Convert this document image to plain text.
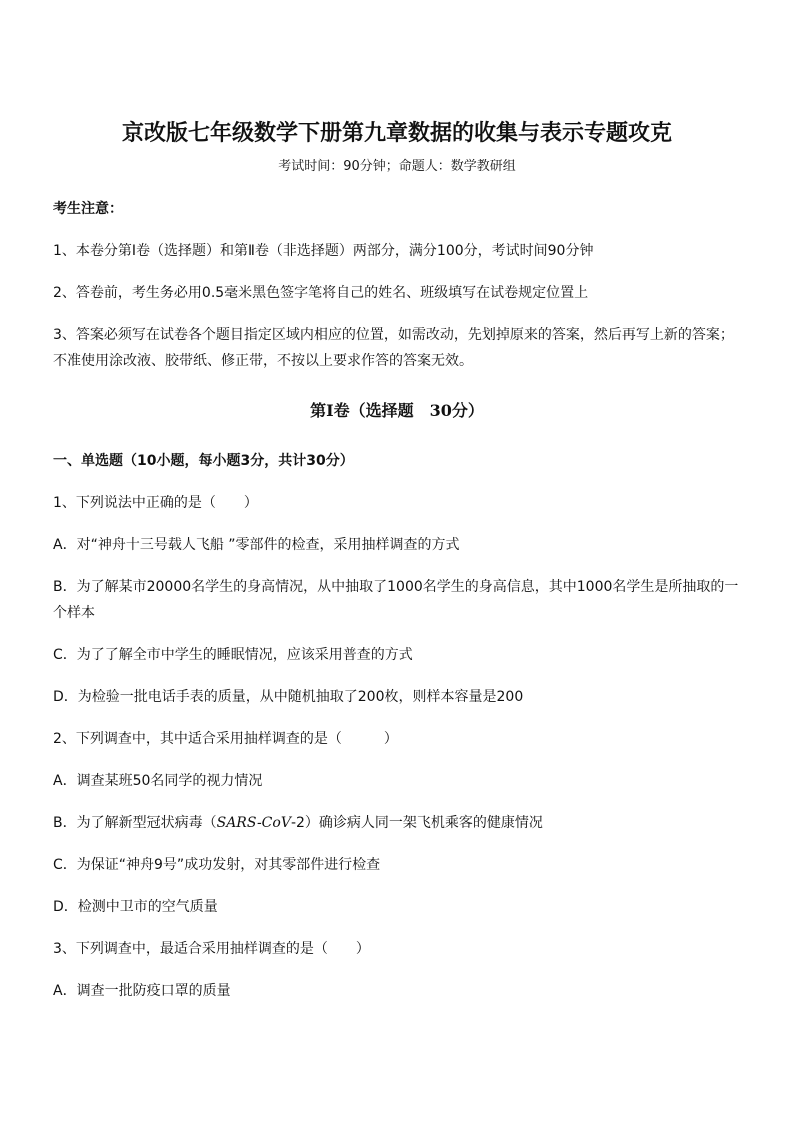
京改版七年级数学下册第九章数据的收集与表示专题攻克
考试时间：90分钟；命题人：数学教研组
考生注意：
1、本卷分第Ⅰ卷（选择题）和第Ⅱ卷（非选择题）两部分，满分100分，考试时间90分钟
2、答卷前，考生务必用0.5毫米黑色签字笔将自己的姓名、班级填写在试卷规定位置上
3、答案必须写在试卷各个题目指定区域内相应的位置，如需改动，先划掉原来的答案，然后再写上新的答案；不准使用涂改液、胶带纸、修正带，不按以上要求作答的答案无效。
第Ⅰ卷（选择题　30分）
一、单选题（10小题，每小题3分，共计30分）
1、下列说法中正确的是（　　）
A．对“神舟十三号载人飞船 ”零部件的检查，采用抽样调查的方式
B．为了解某市20000名学生的身高情况，从中抽取了1000名学生的身高信息，其中1000名学生是所抽取的一个样本
C．为了了解全市中学生的睡眠情况，应该采用普查的方式
D．为检验一批电话手表的质量，从中随机抽取了200枚，则样本容量是200
2、下列调查中，其中适合采用抽样调查的是（　　　）
A．调查某班50名同学的视力情况
B．为了解新型冠状病毒（SARS-CoV-2）确诊病人同一架飞机乘客的健康情况
C．为保证“神舟9号”成功发射，对其零部件进行检查
D．检测中卫市的空气质量
3、下列调查中，最适合采用抽样调查的是（　　）
A．调查一批防疫口罩的质量
